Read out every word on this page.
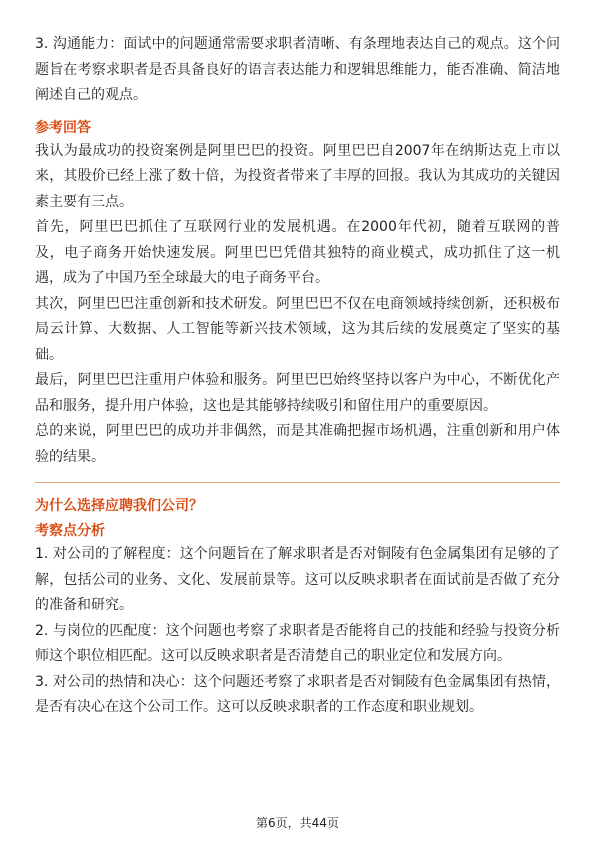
3. 沟通能力：面试中的问题通常需要求职者清晰、有条理地表达自己的观点。这个问题旨在考察求职者是否具备良好的语言表达能力和逻辑思维能力，能否准确、简洁地阐述自己的观点。

参考回答

我认为最成功的投资案例是阿里巴巴的投资。阿里巴巴自2007年在纳斯达克上市以来，其股价已经上涨了数十倍，为投资者带来了丰厚的回报。我认为其成功的关键因素主要有三点。

首先，阿里巴巴抓住了互联网行业的发展机遇。在2000年代初，随着互联网的普及，电子商务开始快速发展。阿里巴巴凭借其独特的商业模式，成功抓住了这一机遇，成为了中国乃至全球最大的电子商务平台。

其次，阿里巴巴注重创新和技术研发。阿里巴巴不仅在电商领域持续创新，还积极布局云计算、大数据、人工智能等新兴技术领域，这为其后续的发展奠定了坚实的基础。

最后，阿里巴巴注重用户体验和服务。阿里巴巴始终坚持以客户为中心，不断优化产品和服务，提升用户体验，这也是其能够持续吸引和留住用户的重要原因。

总的来说，阿里巴巴的成功并非偶然，而是其准确把握市场机遇，注重创新和用户体验的结果。

为什么选择应聘我们公司？
考察点分析

1. 对公司的了解程度：这个问题旨在了解求职者是否对铜陵有色金属集团有足够的了解，包括公司的业务、文化、发展前景等。这可以反映求职者在面试前是否做了充分的准备和研究。

2. 与岗位的匹配度：这个问题也考察了求职者是否能将自己的技能和经验与投资分析师这个职位相匹配。这可以反映求职者是否清楚自己的职业定位和发展方向。

3. 对公司的热情和决心：这个问题还考察了求职者是否对铜陵有色金属集团有热情，是否有决心在这个公司工作。这可以反映求职者的工作态度和职业规划。

第6页，共44页
